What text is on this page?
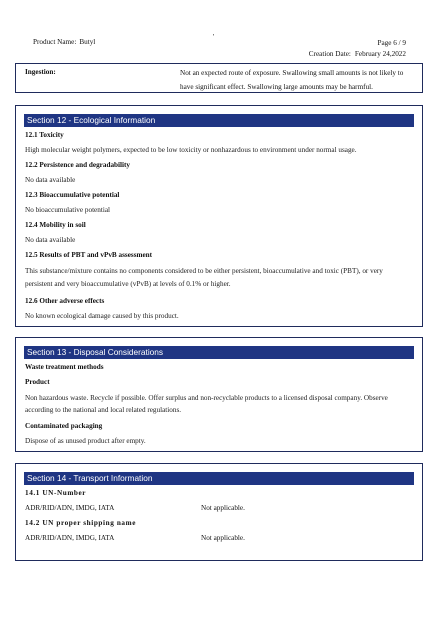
Product Name: Butyl
'
Page 6 / 9
Creation Date: February 24,2022
Ingestion:	Not an expected route of exposure. Swallowing small amounts is not likely to have significant effect. Swallowing large amounts may be harmful.
Section 12 - Ecological Information
12.1 Toxicity
High molecular weight polymers, expected to be low toxicity or nonhazardous to environment under normal usage.
12.2 Persistence and degradability
No data available
12.3 Bioaccumulative potential
No bioaccumulative potential
12.4 Mobility in soil
No data available
12.5 Results of PBT and vPvB assessment
This substance/mixture contains no components considered to be either persistent, bioaccumulative and toxic (PBT), or very persistent and very bioaccumulative (vPvB) at levels of 0.1% or higher.
12.6 Other adverse effects
No known ecological damage caused by this product.
Section 13 - Disposal Considerations
Waste treatment methods
Product
Non hazardous waste. Recycle if possible. Offer surplus and non-recyclable products to a licensed disposal company. Observe according to the national and local related regulations.
Contaminated packaging
Dispose of as unused product after empty.
Section 14 - Transport Information
14.1 UN-Number
ADR/RID/ADN, IMDG, IATA	Not applicable.
14.2 UN proper shipping name
ADR/RID/ADN, IMDG, IATA	Not applicable.
